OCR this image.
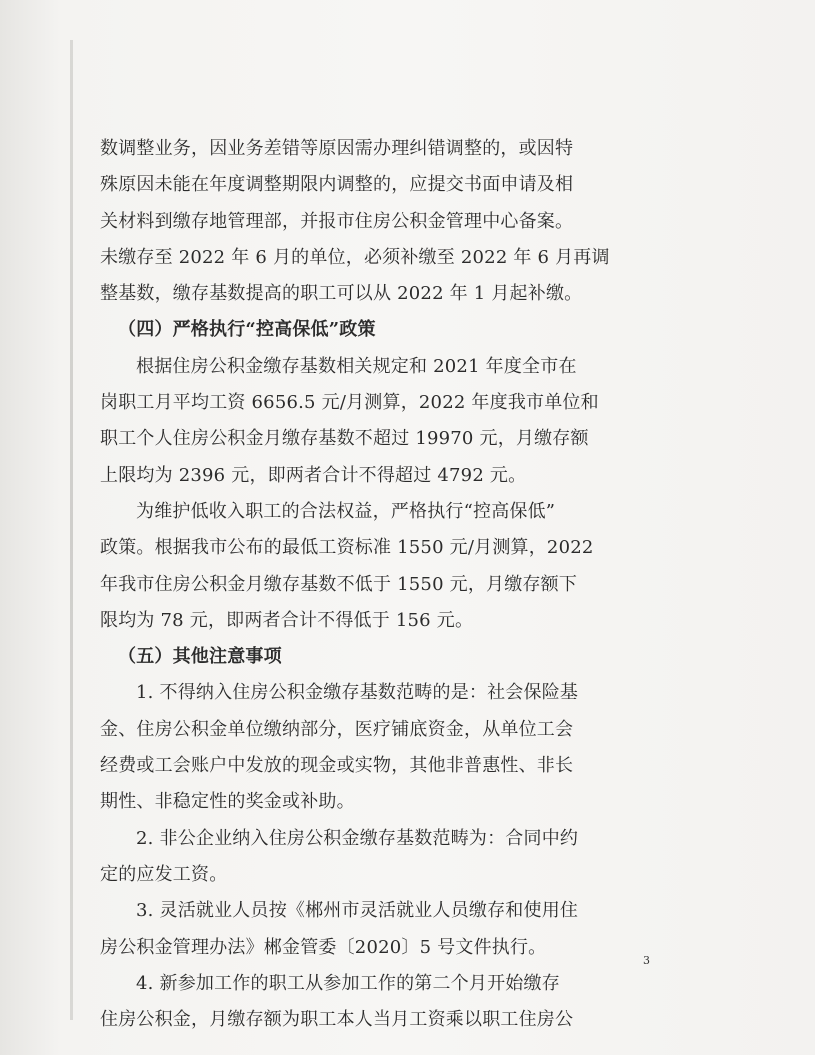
数调整业务，因业务差错等原因需办理纠错调整的，或因特
殊原因未能在年度调整期限内调整的，应提交书面申请及相
关材料到缴存地管理部，并报市住房公积金管理中心备案。
未缴存至 2022 年 6 月的单位，必须补缴至 2022 年 6 月再调
整基数，缴存基数提高的职工可以从 2022 年 1 月起补缴。
（四）严格执行“控高保低”政策
根据住房公积金缴存基数相关规定和 2021 年度全市在
岗职工月平均工资 6656.5 元/月测算，2022 年度我市单位和
职工个人住房公积金月缴存基数不超过 19970 元，月缴存额
上限均为 2396 元，即两者合计不得超过 4792 元。
为维护低收入职工的合法权益，严格执行“控高保低”
政策。根据我市公布的最低工资标准 1550 元/月测算，2022
年我市住房公积金月缴存基数不低于 1550 元，月缴存额下
限均为 78 元，即两者合计不得低于 156 元。
（五）其他注意事项
1. 不得纳入住房公积金缴存基数范畴的是：社会保险基
金、住房公积金单位缴纳部分，医疗铺底资金，从单位工会
经费或工会账户中发放的现金或实物，其他非普惠性、非长
期性、非稳定性的奖金或补助。
2. 非公企业纳入住房公积金缴存基数范畴为：合同中约
定的应发工资。
3. 灵活就业人员按《郴州市灵活就业人员缴存和使用住
房公积金管理办法》郴金管委〔2020〕5 号文件执行。
4. 新参加工作的职工从参加工作的第二个月开始缴存
住房公积金，月缴存额为职工本人当月工资乘以职工住房公
3
